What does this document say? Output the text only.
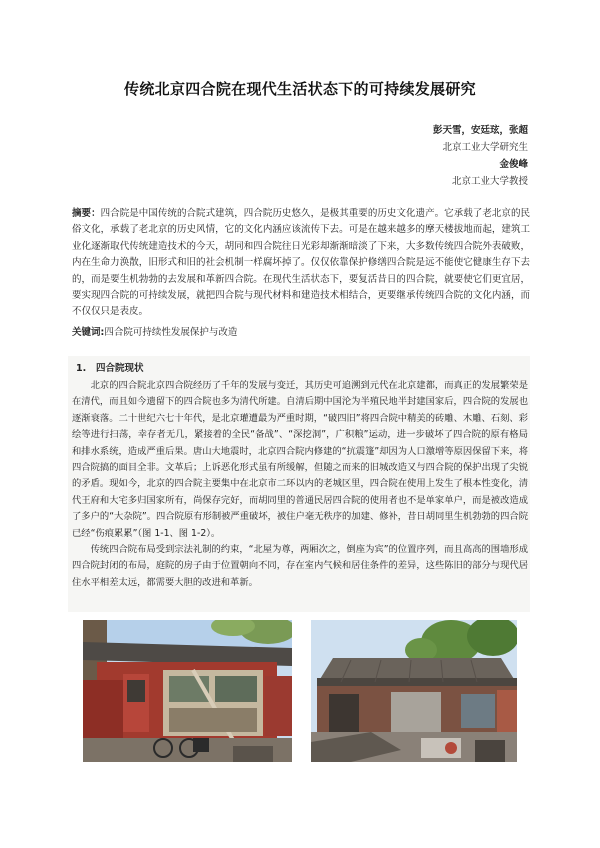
传统北京四合院在现代生活状态下的可持续发展研究
彭天雪，安廷玹，张超
北京工业大学研究生
金俊峰
北京工业大学教授
摘要：四合院是中国传统的合院式建筑，四合院历史悠久，是极其重要的历史文化遗产。它承载了老北京的民俗文化，承载了老北京的历史风情，它的文化内涵应该流传下去。可是在越来越多的摩天楼拔地而起，建筑工业化逐渐取代传统建造技术的今天，胡同和四合院往日光彩却渐渐暗淡了下来，大多数传统四合院外表破败，内在生命力涣散，旧形式和旧的社会机制一样腐坏掉了。仅仅依靠保护修缮四合院是远不能使它健康生存下去的，而是要生机勃勃的去发展和革新四合院。在现代生活状态下，要复活昔日的四合院，就要使它们更宜居，要实现四合院的可持续发展，就把四合院与现代材料和建造技术相结合，更要继承传统四合院的文化内涵，而不仅仅只是表皮。
关键词:四合院可持续性发展保护与改造
1. 四合院现状

北京的四合院北京四合院经历了千年的发展与变迁，其历史可追溯到元代在北京建都，而真正的发展繁荣是在清代，而且如今遗留下的四合院也多为清代所建。自清后期中国沦为半殖民地半封建国家后，四合院的发展也逐渐衰落。二十世纪六七十年代，是北京瓘遭最为严重时期，“破四旧”将四合院中精美的砖雕、木雕、石刻、彩绘等进行扫荡，幸存者无几，紧接着的全民“备战”、“深挖洞”，广积粮”运动，进一步破坏了四合院的原有格局和排水系统，造成严重后果。唐山大地震时，北京四合院内修建的“抗震篷”却因为人口激增等原因保留下来，将四合院搞的面目全非。文革后；上诉恶化形式虽有所缓解，但随之而来的旧城改造又与四合院的保护出现了尖锐的矛盾。现如今，北京的四合院主要集中在北京市二环以内的老城区里，四合院在使用上发生了根本性变化，清代王府和大宅多归国家所有，尚保存完好，而胡同里的普通民居四合院的使用者也不是单家单户，而是被改造成了多户的“大杂院”。四合院原有形制被严重破坏，被住户毫无秩序的加建、修补，昔日胡同里生机勃勃的四合院已经“伤痕累累”（图 1-1、图 1-2）。

传统四合院布局受到宗法礼制的约束，“北屋为尊，两厢次之，倒座为宾”的位置序列，而且高高的围墙形成四合院封闭的布局，庭院的房子由于位置朝向不同，存在室内气候和居住条件的差异，这些陈旧的部分与现代居住水平相差太远，都需要大胆的改进和革新。
